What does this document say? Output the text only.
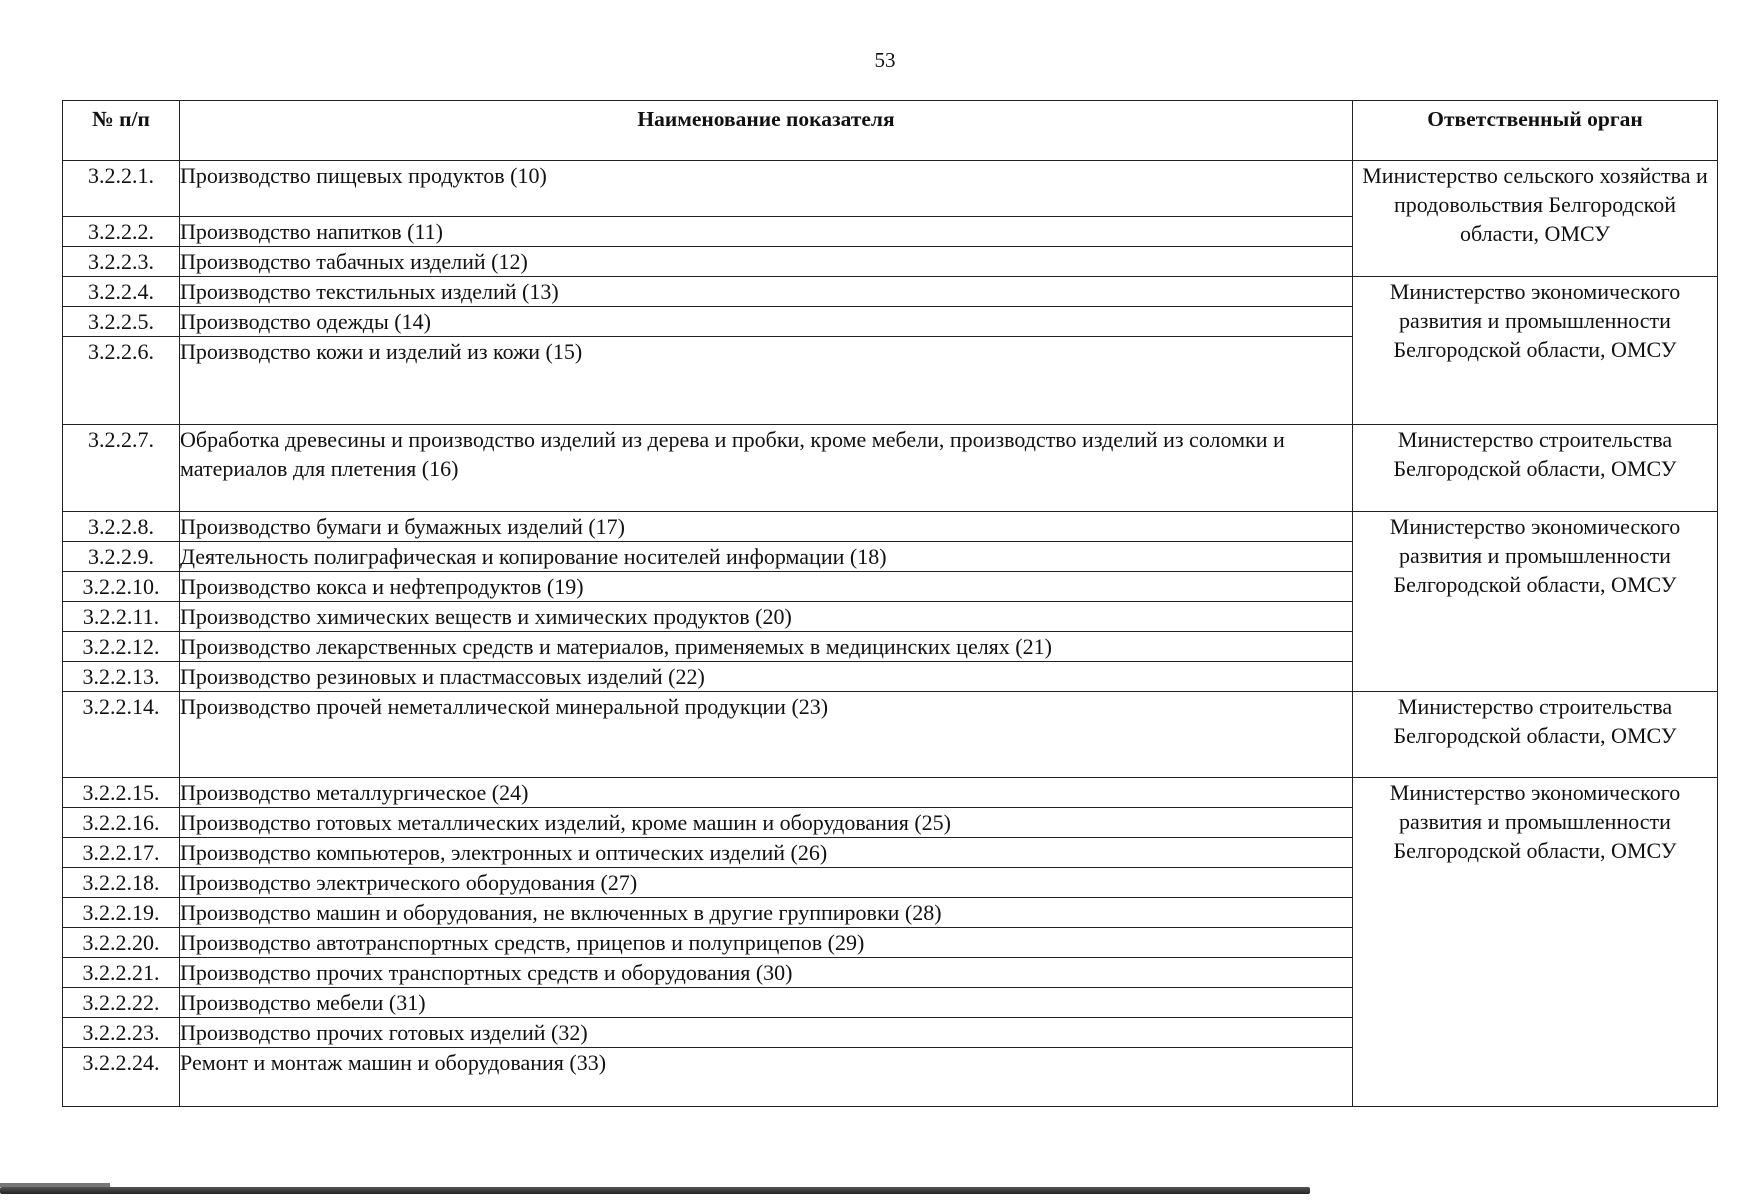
53
№ п/п	Наименование показателя	Ответственный орган
3.2.2.1.	Производство пищевых продуктов (10)	Министерство сельского хозяйства и продовольствия Белгородской области, ОМСУ
3.2.2.2.	Производство напитков (11)	
3.2.2.3.	Производство табачных изделий (12)	
3.2.2.4.	Производство текстильных изделий (13)	Министерство экономического развития и промышленности Белгородской области, ОМСУ
3.2.2.5.	Производство одежды (14)	
3.2.2.6.	Производство кожи и изделий из кожи (15)	
3.2.2.7.	Обработка древесины и производство изделий из дерева и пробки, кроме мебели, производство изделий из соломки и материалов для плетения (16)	Министерство строительства Белгородской области, ОМСУ
3.2.2.8.	Производство бумаги и бумажных изделий (17)	Министерство экономического развития и промышленности Белгородской области, ОМСУ
3.2.2.9.	Деятельность полиграфическая и копирование носителей информации (18)	
3.2.2.10.	Производство кокса и нефтепродуктов (19)	
3.2.2.11.	Производство химических веществ и химических продуктов (20)	
3.2.2.12.	Производство лекарственных средств и материалов, применяемых в медицинских целях (21)	
3.2.2.13.	Производство резиновых и пластмассовых изделий (22)	
3.2.2.14.	Производство прочей неметаллической минеральной продукции (23)	Министерство строительства Белгородской области, ОМСУ
3.2.2.15.	Производство металлургическое (24)	Министерство экономического развития и промышленности Белгородской области, ОМСУ
3.2.2.16.	Производство готовых металлических изделий, кроме машин и оборудования (25)	
3.2.2.17.	Производство компьютеров, электронных и оптических изделий (26)	
3.2.2.18.	Производство электрического оборудования (27)	
3.2.2.19.	Производство машин и оборудования, не включенных в другие группировки (28)	
3.2.2.20.	Производство автотранспортных средств, прицепов и полуприцепов (29)	
3.2.2.21.	Производство прочих транспортных средств и оборудования (30)	
3.2.2.22.	Производство мебели (31)	
3.2.2.23.	Производство прочих готовых изделий (32)	
3.2.2.24.	Ремонт и монтаж машин и оборудования (33)	
